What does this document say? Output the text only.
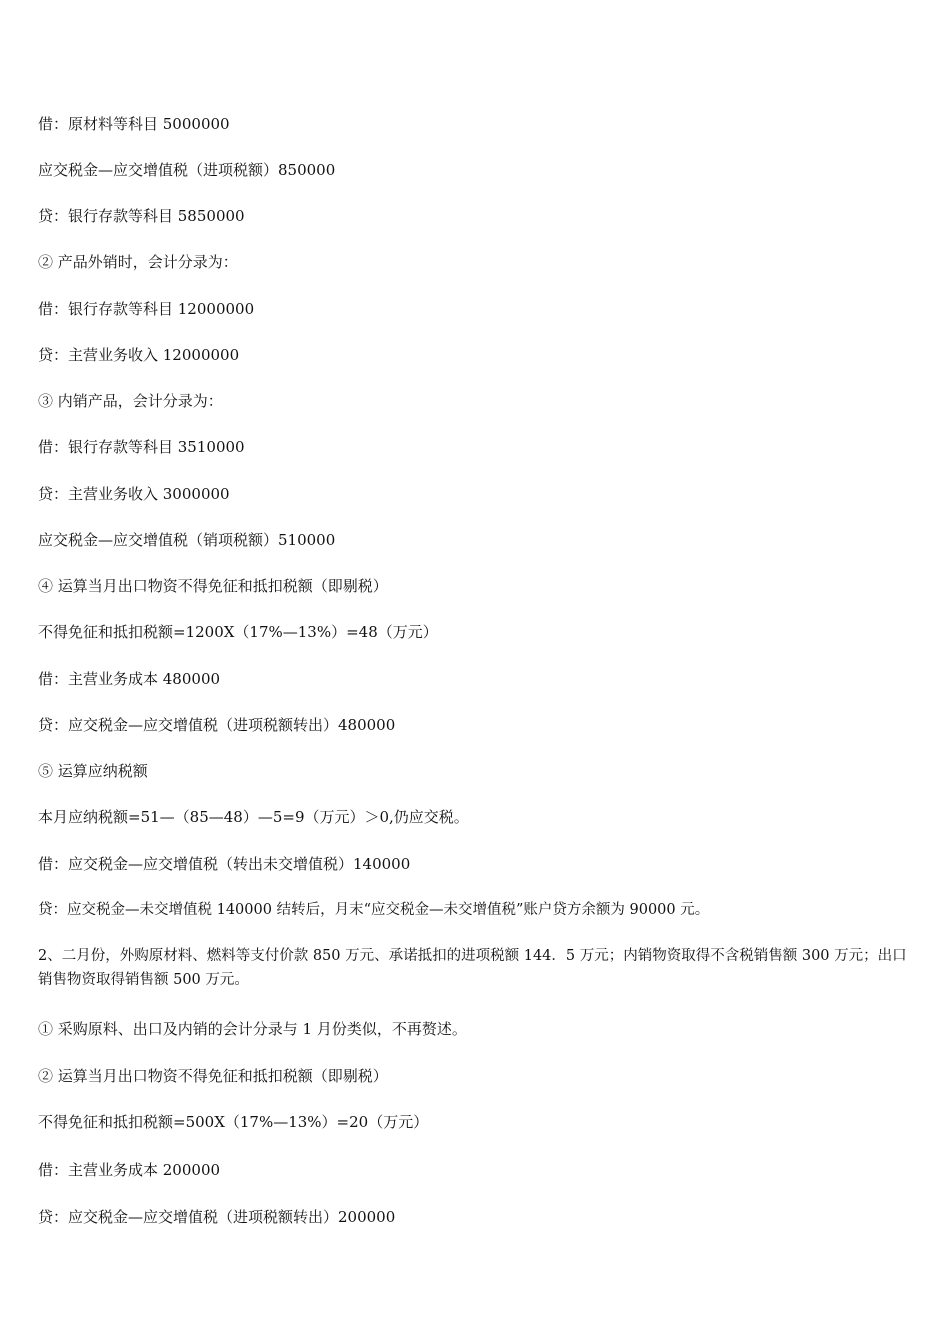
借：原材料等科目 5000000
应交税金—应交增值税（进项税额）850000
贷：银行存款等科目 5850000
② 产品外销时，会计分录为：
借：银行存款等科目 12000000
贷：主营业务收入 12000000
③ 内销产品，会计分录为：
借：银行存款等科目 3510000
贷：主营业务收入 3000000
应交税金—应交增值税（销项税额）510000
④ 运算当月出口物资不得免征和抵扣税额（即剔税）
不得免征和抵扣税额=1200X（17%—13%）=48（万元）
借：主营业务成本 480000
贷：应交税金—应交增值税（进项税额转出）480000
⑤ 运算应纳税额
本月应纳税额=51—（85—48）—5=9（万元）＞0,仍应交税。
借：应交税金—应交增值税（转出未交增值税）140000
贷：应交税金—未交增值税 140000 结转后，月末“应交税金—未交增值税”账户贷方余额为 90000 元。
2、二月份，外购原材料、燃料等支付价款 850 万元、承诺抵扣的进项税额 144．5 万元；内销物资取得不含税销售额 300 万元；出口销售物资取得销售额 500 万元。
① 采购原料、出口及内销的会计分录与 1 月份类似，不再赘述。
② 运算当月出口物资不得免征和抵扣税额（即剔税）
不得免征和抵扣税额=500X（17%—13%）=20（万元）
借：主营业务成本 200000
贷：应交税金—应交增值税（进项税额转出）200000
